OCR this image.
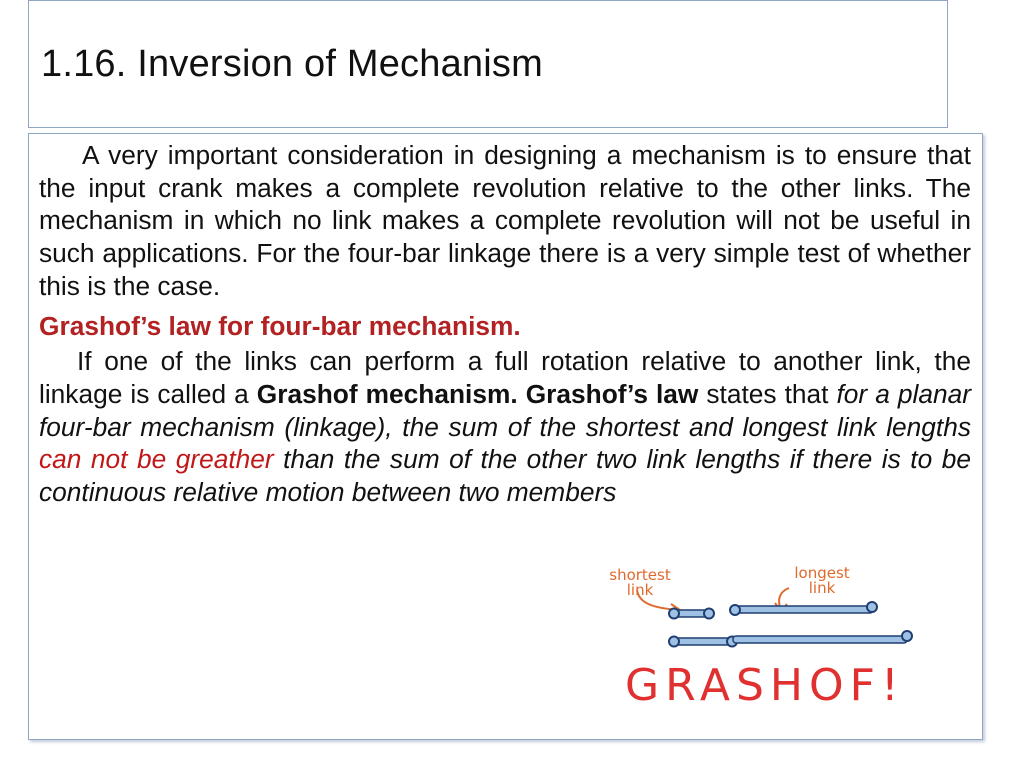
1.16. Inversion of Mechanism

A very important consideration in designing a mechanism is to ensure that the input crank makes a complete revolution relative to the other links. The mechanism in which no link makes a complete revolution will not be useful in such applications. For the four-bar linkage there is a very simple test of whether this is the case.

Grashof’s law for four-bar mechanism.

If one of the links can perform a full rotation relative to another link, the linkage is called a Grashof mechanism. Grashof’s law states that for a planar four-bar mechanism (linkage), the sum of the shortest and longest link lengths can not be greather than the sum of the other two link lengths if there is to be continuous relative motion between two members

shortest
link
longest
link
GRASHOF!
